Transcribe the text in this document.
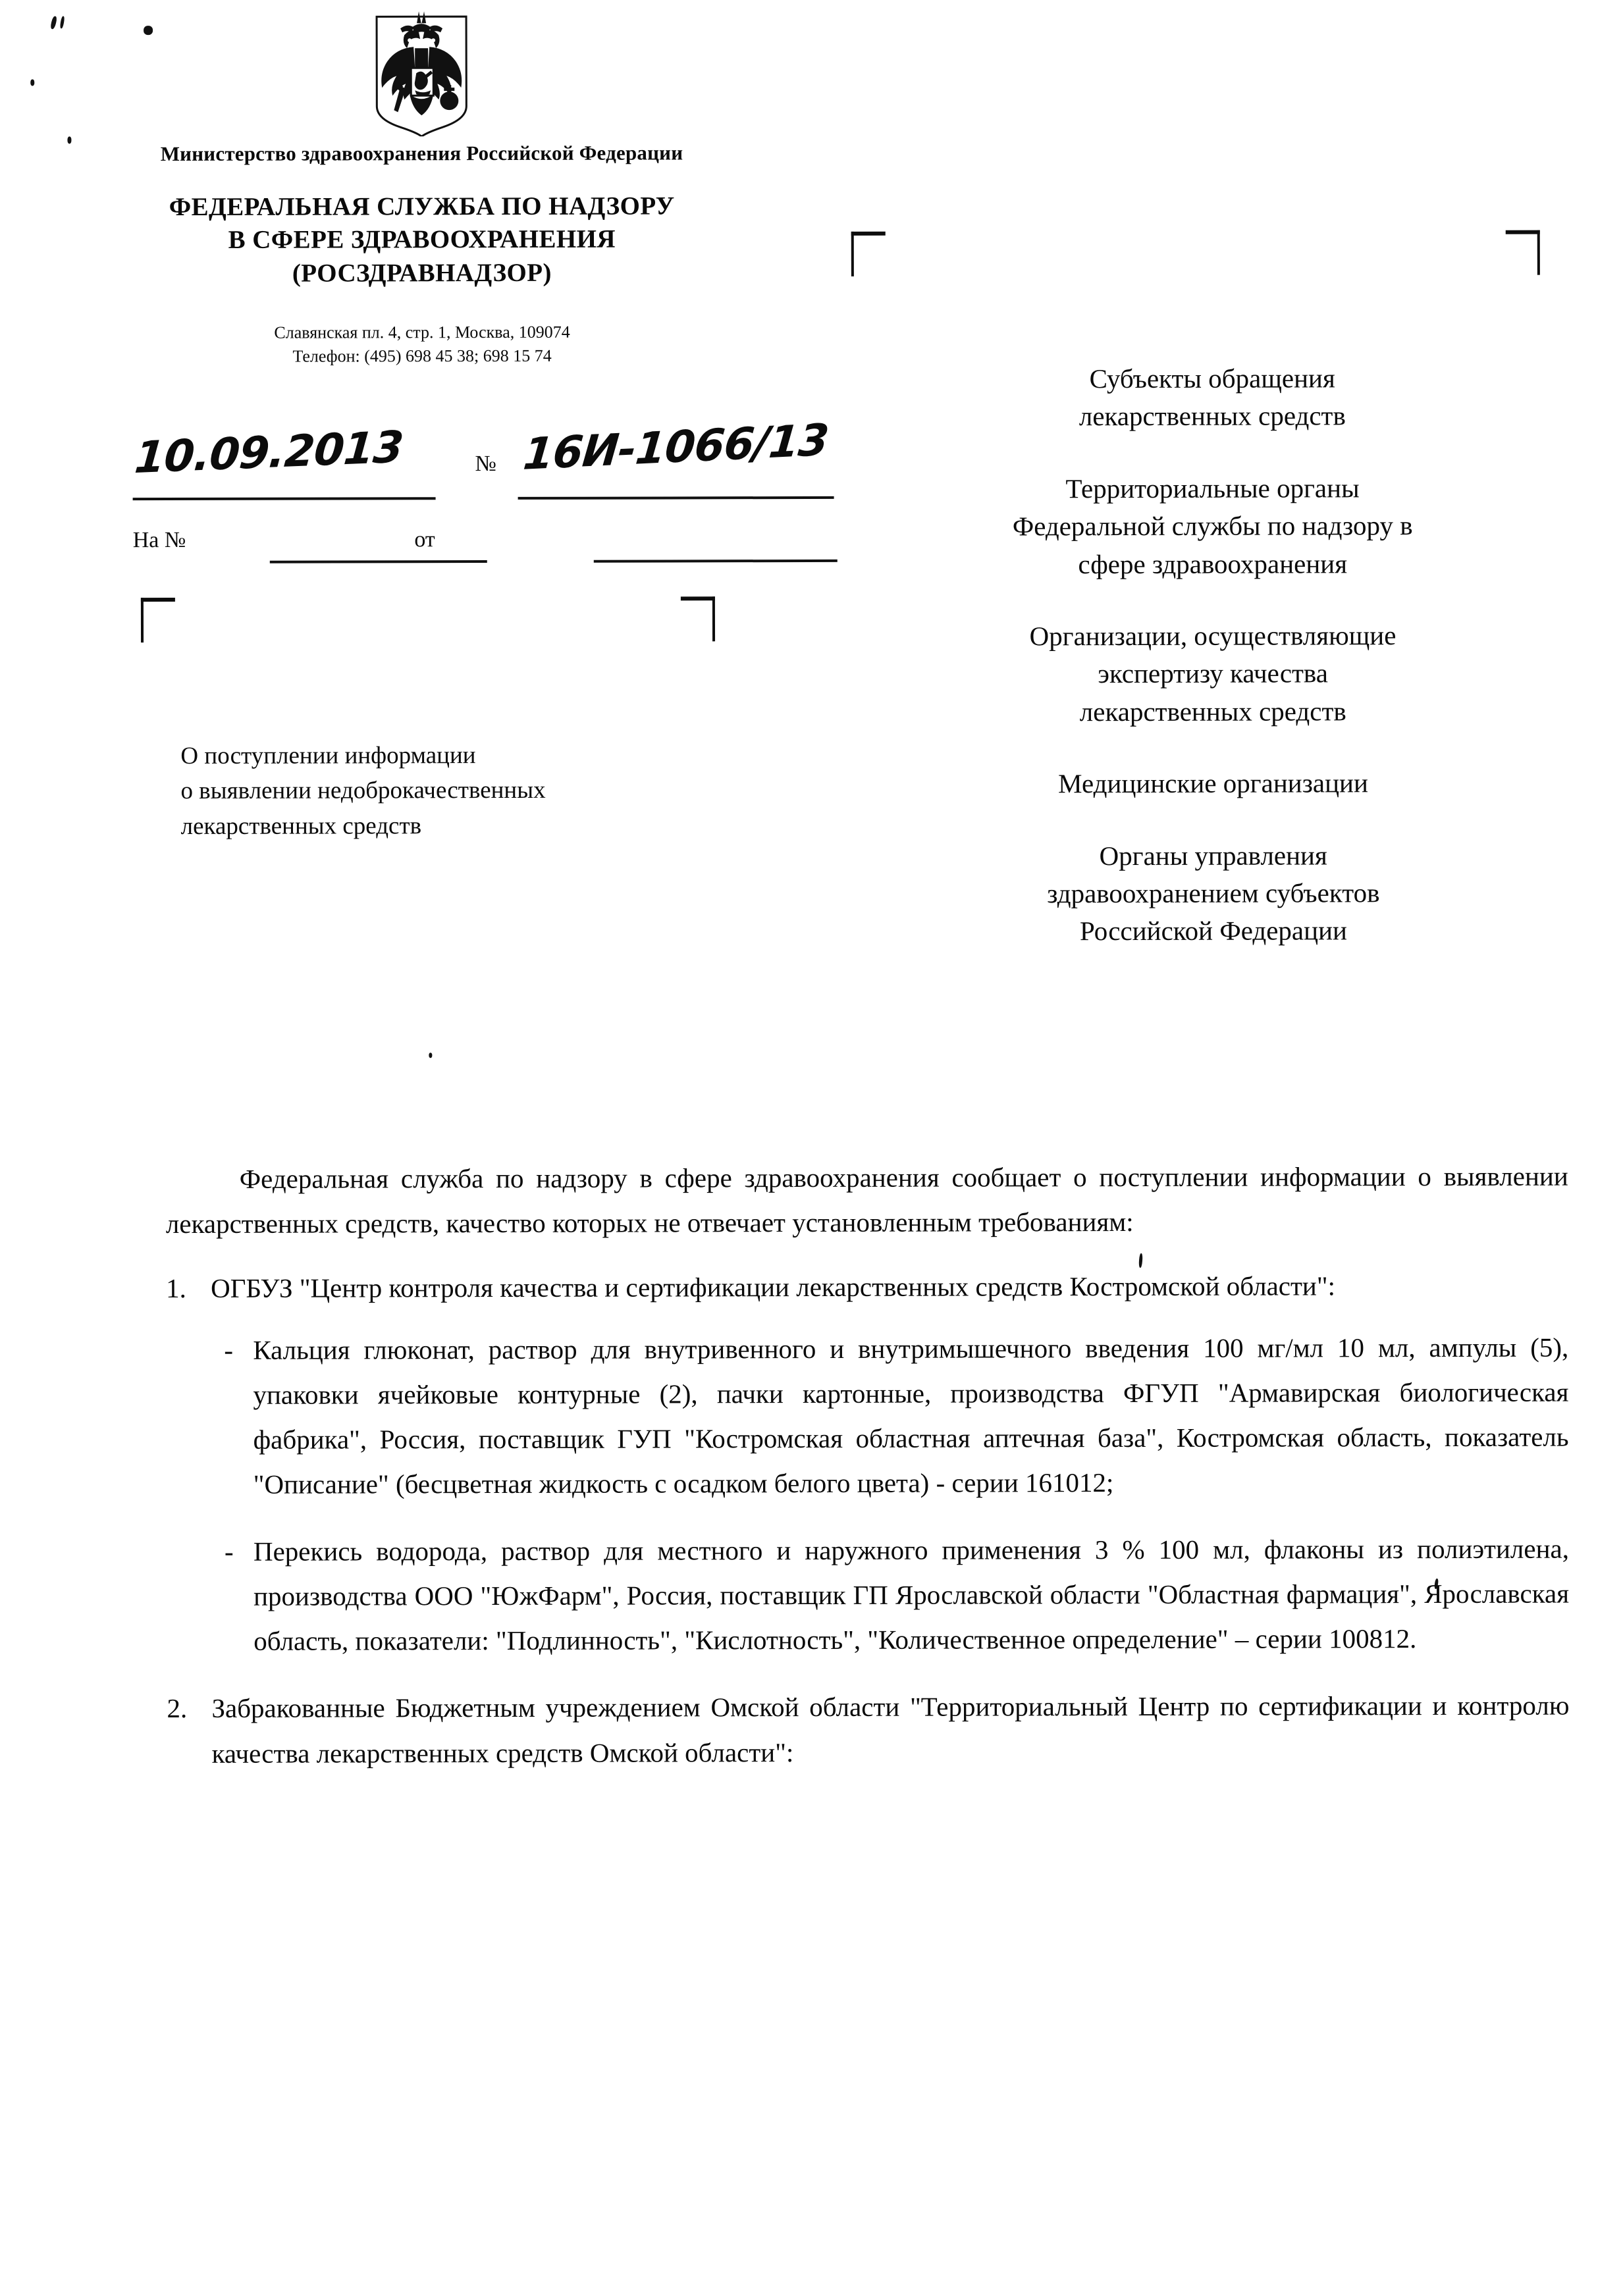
Министерство здравоохранения Российской Федерации
ФЕДЕРАЛЬНАЯ СЛУЖБА ПО НАДЗОРУ
В СФЕРЕ ЗДРАВООХРАНЕНИЯ
(РОСЗДРАВНАДЗОР)
Славянская пл. 4, стр. 1, Москва, 109074
Телефон: (495) 698 45 38; 698 15 74
10.09.2013	№ 16И-1066/13
На №	от
Субъекты обращения
лекарственных средств
Территориальные органы
Федеральной службы по надзору в
сфере здравоохранения
Организации, осуществляющие
экспертизу качества
лекарственных средств
Медицинские организации
Органы управления
здравоохранением субъектов
Российской Федерации
О поступлении информации
о выявлении недоброкачественных
лекарственных средств

Федеральная служба по надзору в сфере здравоохранения сообщает о поступлении информации о выявлении лекарственных средств, качество которых не отвечает установленным требованиям:

1. ОГБУЗ "Центр контроля качества и сертификации лекарственных средств Костромской области":
- Кальция глюконат, раствор для внутривенного и внутримышечного введения 100 мг/мл 10 мл, ампулы (5), упаковки ячейковые контурные (2), пачки картонные, производства ФГУП "Армавирская биологическая фабрика", Россия, поставщик ГУП "Костромская областная аптечная база", Костромская область, показатель "Описание" (бесцветная жидкость с осадком белого цвета) - серии 161012;
- Перекись водорода, раствор для местного и наружного применения 3 % 100 мл, флаконы из полиэтилена, производства ООО "ЮжФарм", Россия, поставщик ГП Ярославской области "Областная фармация", Ярославская область, показатели: "Подлинность", "Кислотность", "Количественное определение" – серии 100812.
2. Забракованные Бюджетным учреждением Омской области "Территориальный Центр по сертификации и контролю качества лекарственных средств Омской области":
